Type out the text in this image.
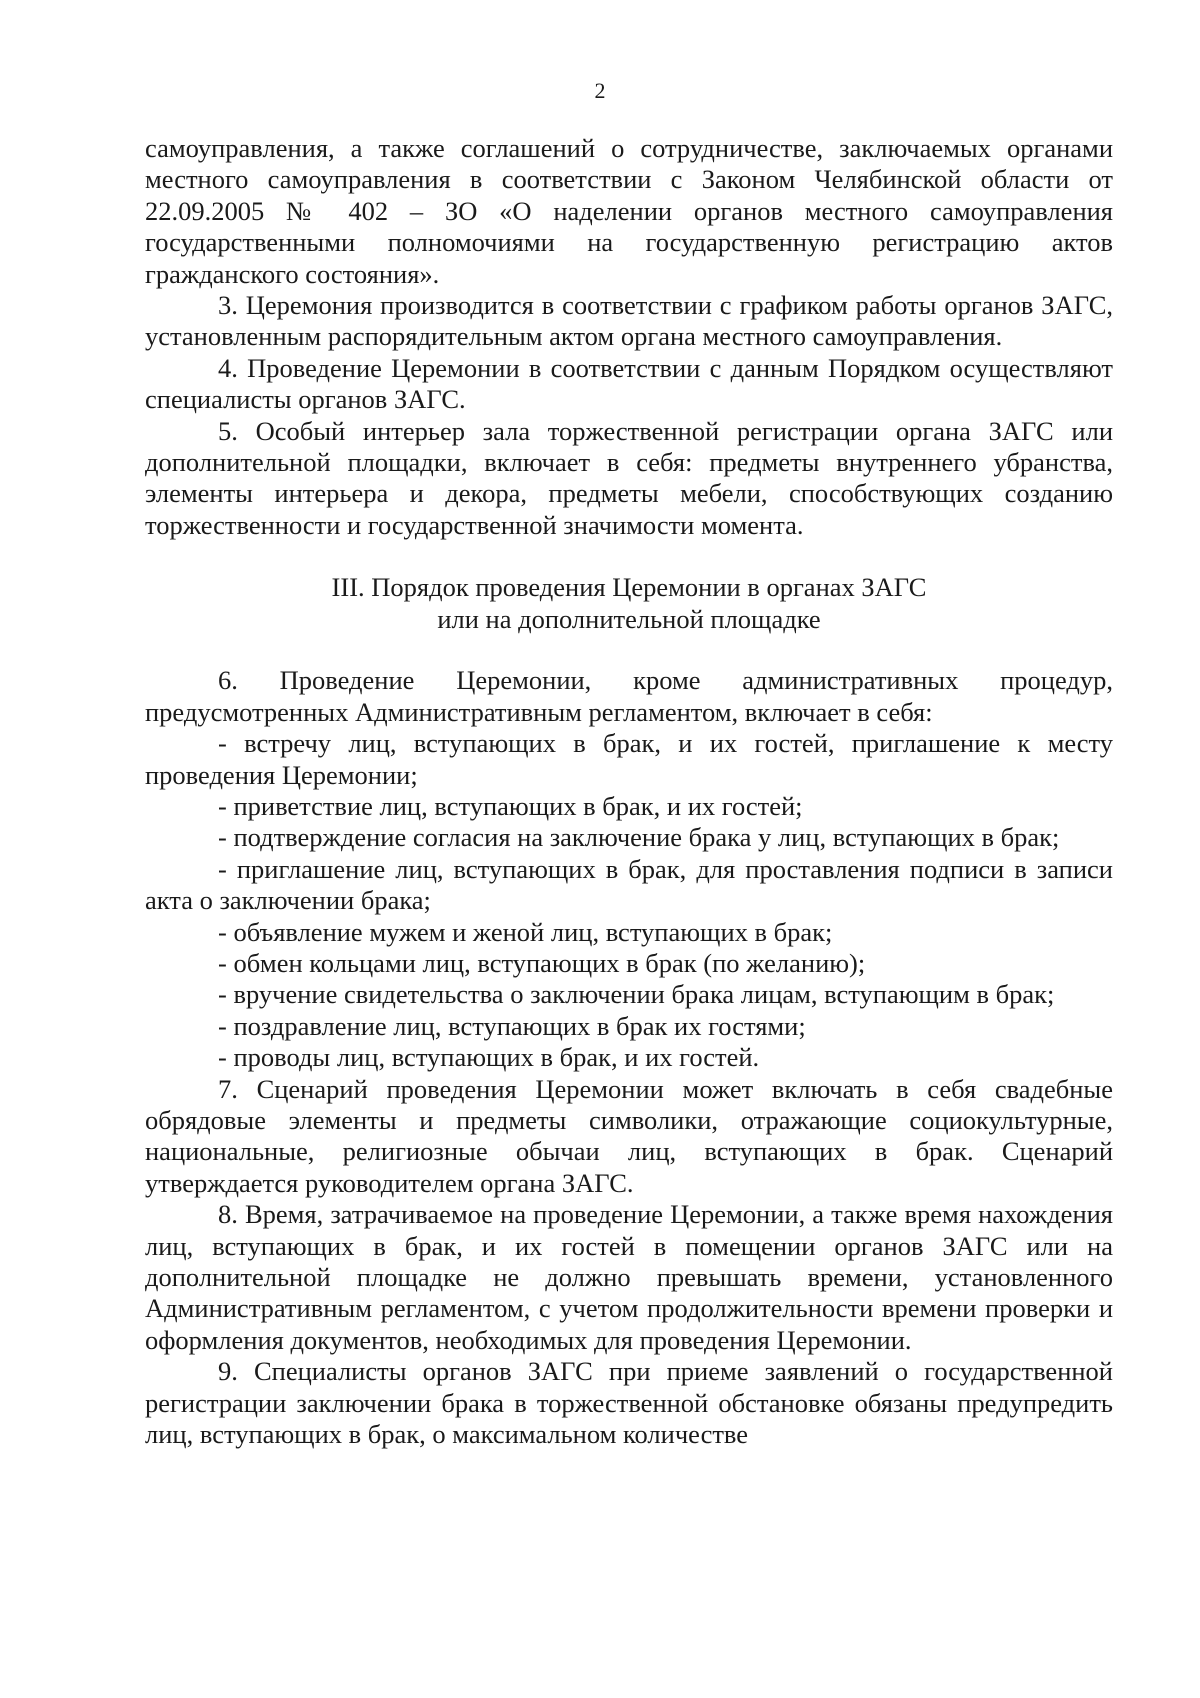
2

самоуправления, а также соглашений о сотрудничестве, заключаемых органами местного самоуправления в соответствии с Законом Челябинской области от 22.09.2005 № 402 – ЗО «О наделении органов местного самоуправления государственными полномочиями на государственную регистрацию актов гражданского состояния».

3. Церемония производится в соответствии с графиком работы органов ЗАГС, установленным распорядительным актом органа местного самоуправления.

4. Проведение Церемонии в соответствии с данным Порядком осуществляют специалисты органов ЗАГС.

5. Особый интерьер зала торжественной регистрации органа ЗАГС или дополнительной площадки, включает в себя: предметы внутреннего убранства, элементы интерьера и декора, предметы мебели, способствующих созданию торжественности и государственной значимости момента.

III. Порядок проведения Церемонии в органах ЗАГС
или на дополнительной площадке

6. Проведение Церемонии, кроме административных процедур, предусмотренных Административным регламентом, включает в себя:

- встречу лиц, вступающих в брак, и их гостей, приглашение к месту проведения Церемонии;

- приветствие лиц, вступающих в брак, и их гостей;

- подтверждение согласия на заключение брака у лиц, вступающих в брак;

- приглашение лиц, вступающих в брак, для проставления подписи в записи акта о заключении брака;

- объявление мужем и женой лиц, вступающих в брак;

- обмен кольцами лиц, вступающих в брак (по желанию);

- вручение свидетельства о заключении брака лицам, вступающим в брак;

- поздравление лиц, вступающих в брак их гостями;

- проводы лиц, вступающих в брак, и их гостей.

7. Сценарий проведения Церемонии может включать в себя свадебные обрядовые элементы и предметы символики, отражающие социокультурные, национальные, религиозные обычаи лиц, вступающих в брак. Сценарий утверждается руководителем органа ЗАГС.

8. Время, затрачиваемое на проведение Церемонии, а также время нахождения лиц, вступающих в брак, и их гостей в помещении органов ЗАГС или на дополнительной площадке не должно превышать времени, установленного Административным регламентом, с учетом продолжительности времени проверки и оформления документов, необходимых для проведения Церемонии.

9. Специалисты органов ЗАГС при приеме заявлений о государственной регистрации заключении брака в торжественной обстановке обязаны предупредить лиц, вступающих в брак, о максимальном количестве
